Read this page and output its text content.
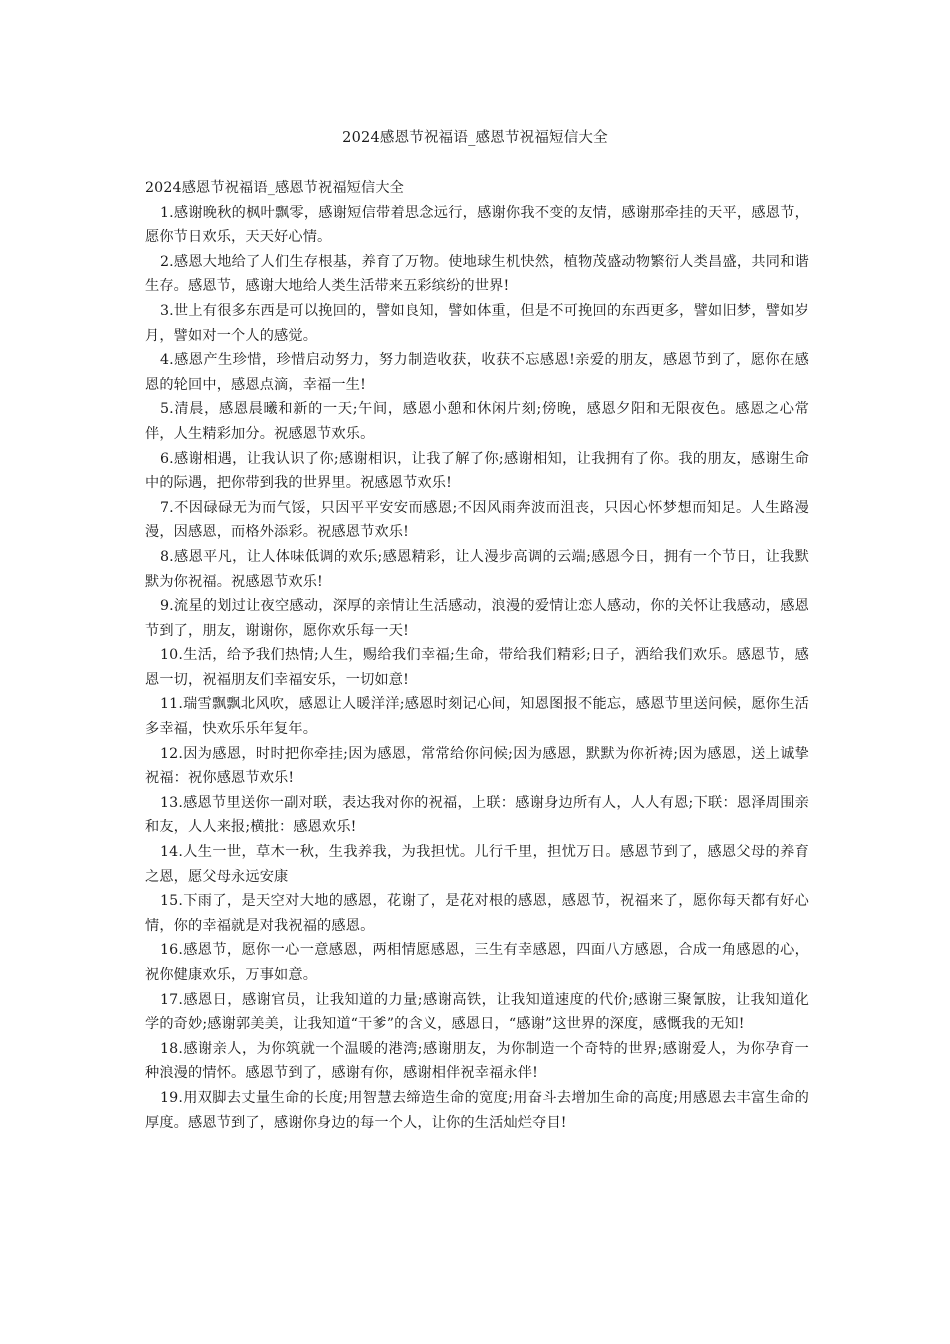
2024感恩节祝福语_感恩节祝福短信大全

2024感恩节祝福语_感恩节祝福短信大全

1.感谢晚秋的枫叶飘零，感谢短信带着思念远行，感谢你我不变的友情，感谢那牵挂的天平，感恩节，愿你节日欢乐，天天好心情。

2.感恩大地给了人们生存根基，养育了万物。使地球生机快然，植物茂盛动物繁衍人类昌盛，共同和谐生存。感恩节，感谢大地给人类生活带来五彩缤纷的世界!

3.世上有很多东西是可以挽回的，譬如良知，譬如体重，但是不可挽回的东西更多，譬如旧梦，譬如岁月，譬如对一个人的感觉。

4.感恩产生珍惜，珍惜启动努力，努力制造收获，收获不忘感恩!亲爱的朋友，感恩节到了，愿你在感恩的轮回中，感恩点滴，幸福一生!

5.清晨，感恩晨曦和新的一天;午间，感恩小憩和休闲片刻;傍晚，感恩夕阳和无限夜色。感恩之心常伴，人生精彩加分。祝感恩节欢乐。

6.感谢相遇，让我认识了你;感谢相识，让我了解了你;感谢相知，让我拥有了你。我的朋友，感谢生命中的际遇，把你带到我的世界里。祝感恩节欢乐!

7.不因碌碌无为而气馁，只因平平安安而感恩;不因风雨奔波而沮丧，只因心怀梦想而知足。人生路漫漫，因感恩，而格外添彩。祝感恩节欢乐!

8.感恩平凡，让人体味低调的欢乐;感恩精彩，让人漫步高调的云端;感恩今日，拥有一个节日，让我默默为你祝福。祝感恩节欢乐!

9.流星的划过让夜空感动，深厚的亲情让生活感动，浪漫的爱情让恋人感动，你的关怀让我感动，感恩节到了，朋友，谢谢你，愿你欢乐每一天!

10.生活，给予我们热情;人生，赐给我们幸福;生命，带给我们精彩;日子，洒给我们欢乐。感恩节，感恩一切，祝福朋友们幸福安乐，一切如意!

11.瑞雪飘飘北风吹，感恩让人暖洋洋;感恩时刻记心间，知恩图报不能忘，感恩节里送问候，愿你生活多幸福，快欢乐乐年复年。

12.因为感恩，时时把你牵挂;因为感恩，常常给你问候;因为感恩，默默为你祈祷;因为感恩，送上诚挚祝福：祝你感恩节欢乐!

13.感恩节里送你一副对联，表达我对你的祝福，上联：感谢身边所有人，人人有恩;下联：恩泽周围亲和友，人人来报;横批：感恩欢乐!

14.人生一世，草木一秋，生我养我，为我担忧。儿行千里，担忧万日。感恩节到了，感恩父母的养育之恩，愿父母永远安康

15.下雨了，是天空对大地的感恩，花谢了，是花对根的感恩，感恩节，祝福来了，愿你每天都有好心情，你的幸福就是对我祝福的感恩。

16.感恩节，愿你一心一意感恩，两相情愿感恩，三生有幸感恩，四面八方感恩，合成一角感恩的心，祝你健康欢乐，万事如意。

17.感恩日，感谢官员，让我知道的力量;感谢高铁，让我知道速度的代价;感谢三聚氰胺，让我知道化学的奇妙;感谢郭美美，让我知道“干爹”的含义，感恩日，“感谢”这世界的深度，感慨我的无知!

18.感谢亲人，为你筑就一个温暖的港湾;感谢朋友，为你制造一个奇特的世界;感谢爱人，为你孕育一种浪漫的情怀。感恩节到了，感谢有你，感谢相伴祝幸福永伴!

19.用双脚去丈量生命的长度;用智慧去缔造生命的宽度;用奋斗去增加生命的高度;用感恩去丰富生命的厚度。感恩节到了，感谢你身边的每一个人，让你的生活灿烂夺目!
